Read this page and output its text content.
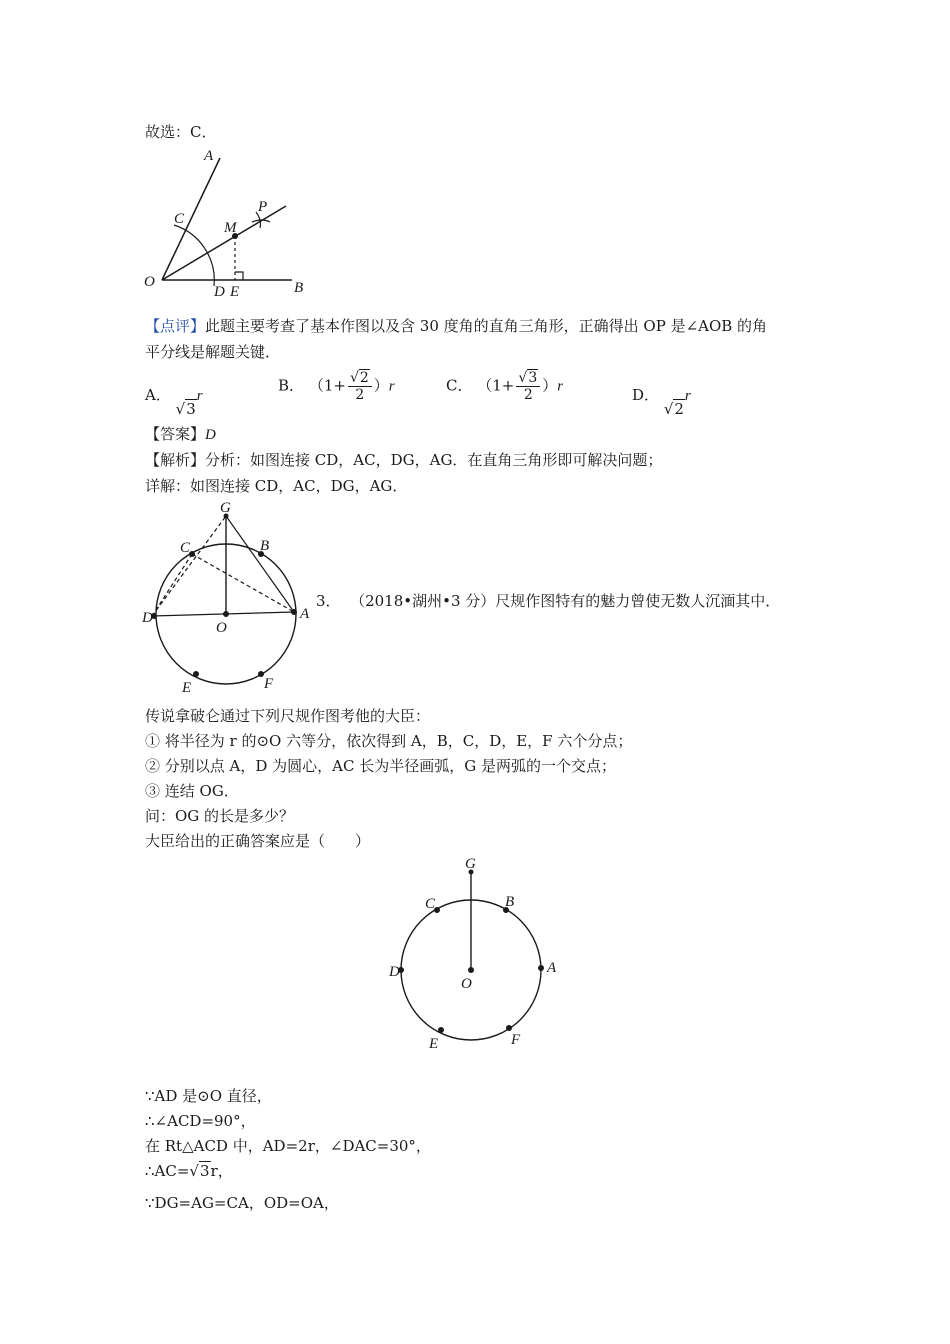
故选：C．
A
C
M
P
O
D E	B
【点评】此题主要考查了基本作图以及含 30 度角的直角三角形，正确得出 OP 是∠AOB 的角
平分线是解题关键．
A． √3r
B． $(1+ \frac{√2}{2} )r$	C． $(1+ \frac{√3}{2} )r$	D． √2r
【答案】D
【解析】分析：如图连接 CD，AC，DG，AG．在直角三角形即可解决问题；
详解：如图连接 CD，AC，DG，AG．
G
C	B
D
O
A
E	F
3． （2018•湖州•3 分）尺规作图特有的魅力曾使无数人沉湎其中．
传说拿破仑通过下列尺规作图考他的大臣：
① 将半径为 r 的⊙O 六等分，依次得到 A，B，C，D，E，F 六个分点；
② 分别以点 A，D 为圆心，AC 长为半径画弧，G 是两弧的一个交点；
③ 连结 OG．
问：OG 的长是多少？
大臣给出的正确答案应是（　　）
G
C	B
D
O
A
E	F
∵AD 是⊙O 直径，
∴∠ACD=90°，
在 Rt△ACD 中，AD=2r，∠DAC=30°，
∴AC=√3r，
∵DG=AG=CA，OD=OA，
